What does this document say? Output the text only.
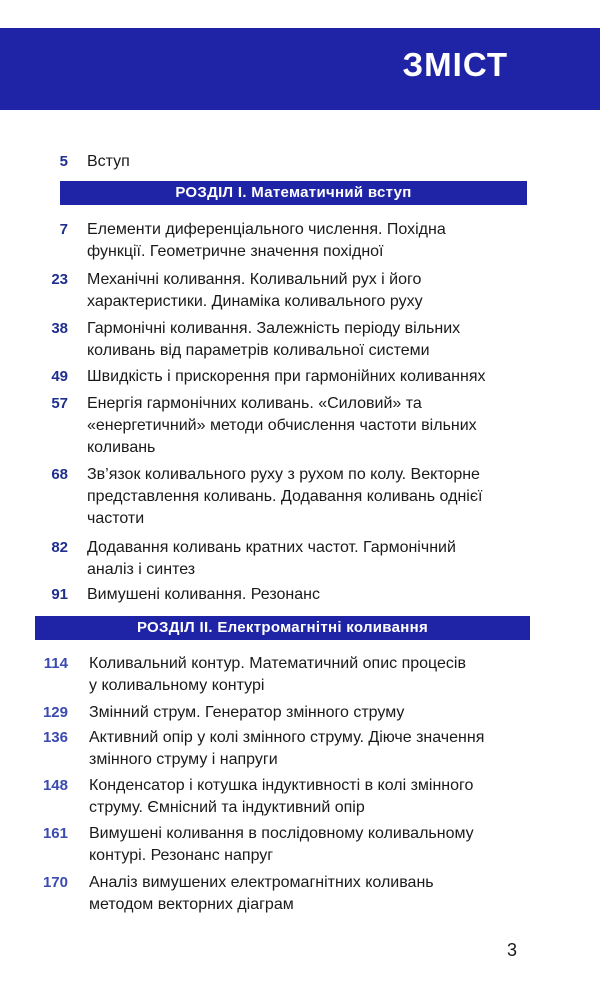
ЗМІСТ
5 Вступ
РОЗДІЛ І. Математичний вступ
7 Елементи диференціального числення. Похідна
функції. Геометричне значення похідної
23 Механічні коливання. Коливальний рух і його
характеристики. Динаміка коливального руху
38 Гармонічні коливання. Залежність періоду вільних
коливань від параметрів коливальної системи
49 Швидкість і прискорення при гармонійних коливаннях
57 Енергія гармонічних коливань. «Силовий» та
«енергетичний» методи обчислення частоти вільних
коливань
68 Зв’язок коливального руху з рухом по колу. Векторне
представлення коливань. Додавання коливань однієї
частоти
82 Додавання коливань кратних частот. Гармонічний
аналіз і синтез
91 Вимушені коливання. Резонанс
РОЗДІЛ ІІ. Електромагнітні коливання
114 Коливальний контур. Математичний опис процесів
у коливальному контурі
129 Змінний струм. Генератор змінного струму
136 Активний опір у колі змінного струму. Діюче значення
змінного струму і напруги
148 Конденсатор і котушка індуктивності в колі змінного
струму. Ємнісний та індуктивний опір
161 Вимушені коливання в послідовному коливальному
контурі. Резонанс напруг
170 Аналіз вимушених електромагнітних коливань
методом векторних діаграм
3
